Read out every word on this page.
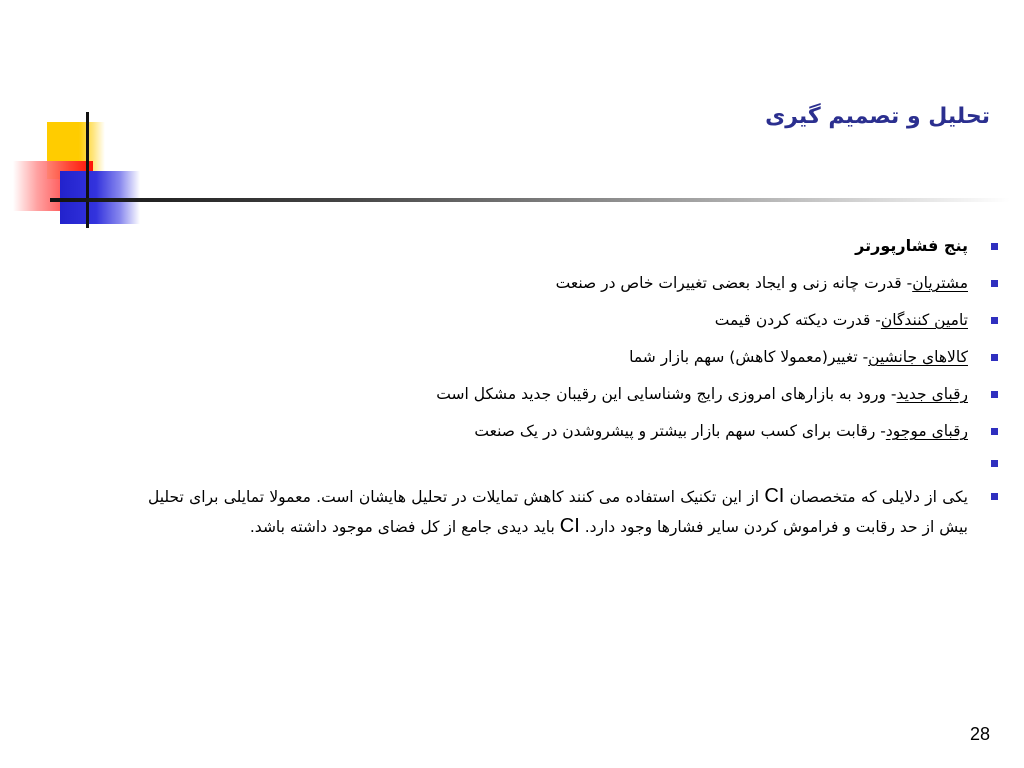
تحلیل و تصمیم گیری
پنج فشارپورتر
مشتریان- قدرت چانه زنی و ایجاد بعضی تغییرات خاص در صنعت
تامین کنندگان- قدرت دیکته کردن قیمت
کالاهای جانشین- تغییر(معمولا کاهش) سهم بازار شما
رقبای جدید- ورود به بازارهای امروزی رایج وشناسایی این رقیبان جدید مشکل است
رقبای موجود- رقابت برای کسب سهم بازار بیشتر و پیشروشدن در یک صنعت
یکی از دلایلی که متخصصان CI از این تکنیک استفاده می کنند کاهش تمایلات در تحلیل هایشان است. معمولا تمایلی برای تحلیل بیش از حد رقابت و فراموش کردن سایر فشارها وجود دارد. CI باید دیدی جامع از کل فضای موجود داشته باشد.
28
